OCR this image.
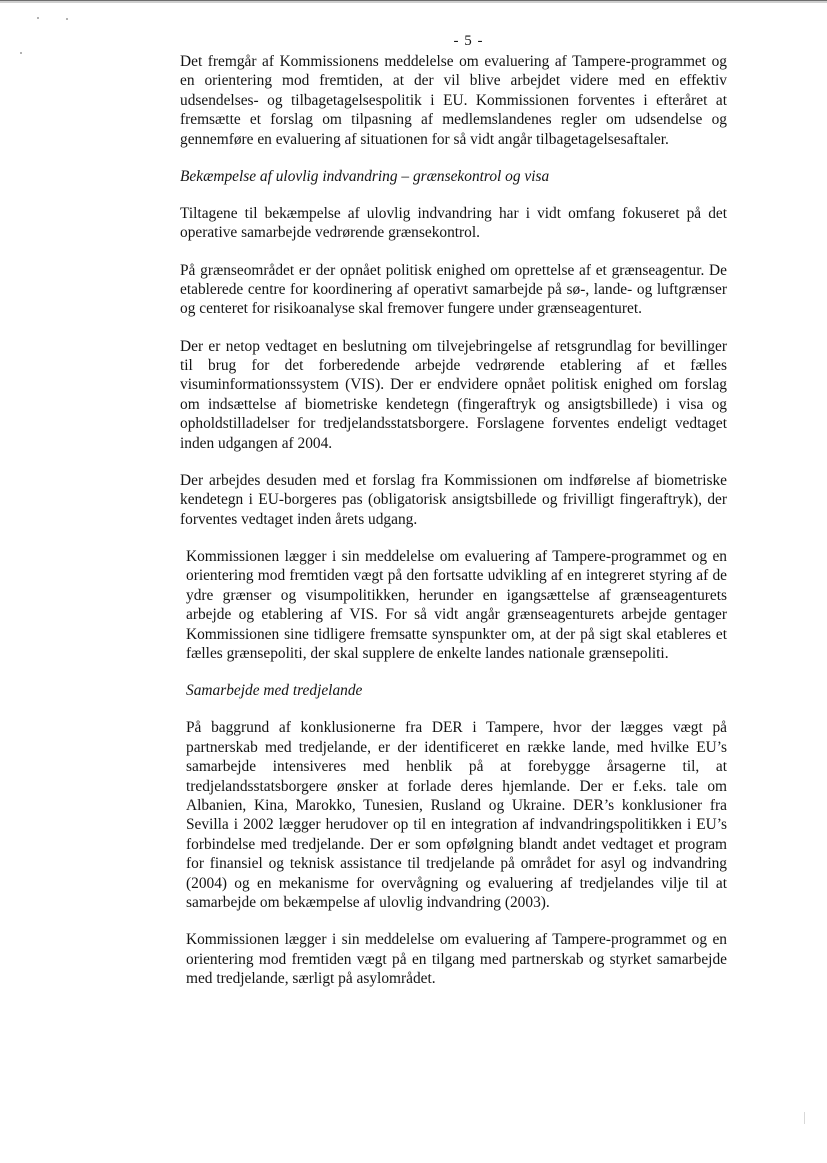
- 5 -

Det fremgår af Kommissionens meddelelse om evaluering af Tampere-programmet og en orientering mod fremtiden, at der vil blive arbejdet videre med en effektiv udsendelses- og tilbagetagelsespolitik i EU. Kommissionen forventes i efteråret at fremsætte et forslag om tilpasning af medlemslandenes regler om udsendelse og gennemføre en evaluering af situationen for så vidt angår tilbagetagelsesaftaler.

Bekæmpelse af ulovlig indvandring – grænsekontrol og visa

Tiltagene til bekæmpelse af ulovlig indvandring har i vidt omfang fokuseret på det operative samarbejde vedrørende grænsekontrol.

På grænseområdet er der opnået politisk enighed om oprettelse af et grænseagentur. De etablerede centre for koordinering af operativt samarbejde på sø-, lande- og luftgrænser og centeret for risikoanalyse skal fremover fungere under grænseagenturet.

Der er netop vedtaget en beslutning om tilvejebringelse af retsgrundlag for bevillinger til brug for det forberedende arbejde vedrørende etablering af et fælles visuminformationssystem (VIS). Der er endvidere opnået politisk enighed om forslag om indsættelse af biometriske kendetegn (fingeraftryk og ansigtsbillede) i visa og opholdstilladelser for tredjelandsstatsborgere. Forslagene forventes endeligt vedtaget inden udgangen af 2004.

Der arbejdes desuden med et forslag fra Kommissionen om indførelse af biometriske kendetegn i EU-borgeres pas (obligatorisk ansigtsbillede og frivilligt fingeraftryk), der forventes vedtaget inden årets udgang.

Kommissionen lægger i sin meddelelse om evaluering af Tampere-programmet og en orientering mod fremtiden vægt på den fortsatte udvikling af en integreret styring af de ydre grænser og visumpolitikken, herunder en igangsættelse af grænseagenturets arbejde og etablering af VIS. For så vidt angår grænseagenturets arbejde gentager Kommissionen sine tidligere fremsatte synspunkter om, at der på sigt skal etableres et fælles grænsepoliti, der skal supplere de enkelte landes nationale grænsepoliti.

Samarbejde med tredjelande

På baggrund af konklusionerne fra DER i Tampere, hvor der lægges vægt på partnerskab med tredjelande, er der identificeret en række lande, med hvilke EU’s samarbejde intensiveres med henblik på at forebygge årsagerne til, at tredjelandsstatsborgere ønsker at forlade deres hjemlande. Der er f.eks. tale om Albanien, Kina, Marokko, Tunesien, Rusland og Ukraine. DER’s konklusioner fra Sevilla i 2002 lægger herudover op til en integration af indvandringspolitikken i EU’s forbindelse med tredjelande. Der er som opfølgning blandt andet vedtaget et program for finansiel og teknisk assistance til tredjelande på området for asyl og indvandring (2004) og en mekanisme for overvågning og evaluering af tredjelandes vilje til at samarbejde om bekæmpelse af ulovlig indvandring (2003).

Kommissionen lægger i sin meddelelse om evaluering af Tampere-programmet og en orientering mod fremtiden vægt på en tilgang med partnerskab og styrket samarbejde med tredjelande, særligt på asylområdet.
